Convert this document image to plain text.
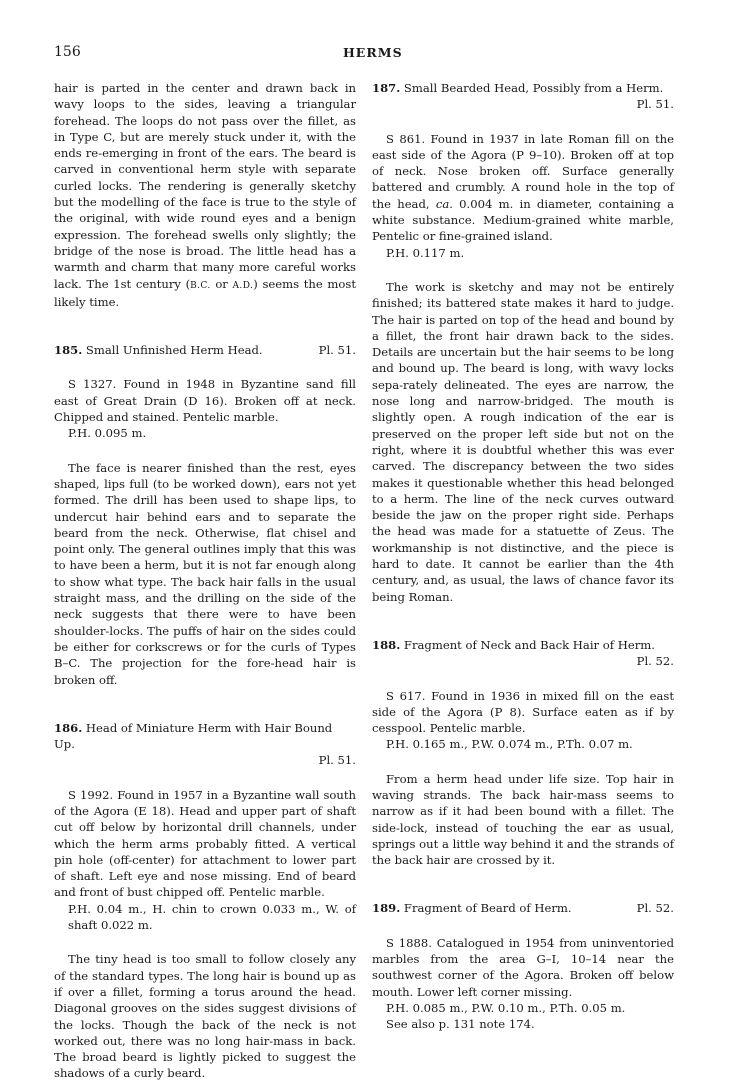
156	HERMS

hair is parted in the center and drawn back in wavy loops to the sides, leaving a triangular forehead. The loops do not pass over the fillet, as in Type C, but are merely stuck under it, with the ends re-emerging in front of the ears. The beard is carved in conventional herm style with separate curled locks. The rendering is generally sketchy but the modelling of the face is true to the style of the original, with wide round eyes and a benign expression. The forehead swells only slightly; the bridge of the nose is broad. The little head has a warmth and charm that many more careful works lack. The 1st century (B.C. or A.D.) seems the most likely time.

Pl. 51.
185. Small Unfinished Herm Head.

S 1327. Found in 1948 in Byzantine sand fill east of Great Drain (D 16). Broken off at neck. Chipped and stained. Pentelic marble.

P.H. 0.095 m.

The face is nearer finished than the rest, eyes shaped, lips full (to be worked down), ears not yet formed. The drill has been used to shape lips, to undercut hair behind ears and to separate the beard from the neck. Otherwise, flat chisel and point only. The general outlines imply that this was to have been a herm, but it is not far enough along to show what type. The back hair falls in the usual straight mass, and the drilling on the side of the neck suggests that there were to have been shoulder-locks. The puffs of hair on the sides could be either for corkscrews or for the curls of Types B–C. The projection for the fore-head hair is broken off.

186. Head of Miniature Herm with Hair Bound Up.
Pl. 51.

S 1992. Found in 1957 in a Byzantine wall south of the Agora (E 18). Head and upper part of shaft cut off below by horizontal drill channels, under which the herm arms probably fitted. A vertical pin hole (off-center) for attachment to lower part of shaft. Left eye and nose missing. End of beard and front of bust chipped off. Pentelic marble.

P.H. 0.04 m., H. chin to crown 0.033 m., W. of shaft 0.022 m.

The tiny head is too small to follow closely any of the standard types. The long hair is bound up as if over a fillet, forming a torus around the head. Diagonal grooves on the sides suggest divisions of the locks. Though the back of the neck is not worked out, there was no long hair-mass in back. The broad beard is lightly picked to suggest the shadows of a curly beard.

187. Small Bearded Head, Possibly from a Herm.
Pl. 51.

S 861. Found in 1937 in late Roman fill on the east side of the Agora (P 9–10). Broken off at top of neck. Nose broken off. Surface generally battered and crumbly. A round hole in the top of the head, ca. 0.004 m. in diameter, containing a white substance. Medium-grained white marble, Pentelic or fine-grained island.

P.H. 0.117 m.

The work is sketchy and may not be entirely finished; its battered state makes it hard to judge. The hair is parted on top of the head and bound by a fillet, the front hair drawn back to the sides. Details are uncertain but the hair seems to be long and bound up. The beard is long, with wavy locks sepa-rately delineated. The eyes are narrow, the nose long and narrow-bridged. The mouth is slightly open. A rough indication of the ear is preserved on the proper left side but not on the right, where it is doubtful whether this was ever carved. The discrepancy between the two sides makes it questionable whether this head belonged to a herm. The line of the neck curves outward beside the jaw on the proper right side. Perhaps the head was made for a statuette of Zeus. The workmanship is not distinctive, and the piece is hard to date. It cannot be earlier than the 4th century, and, as usual, the laws of chance favor its being Roman.

188. Fragment of Neck and Back Hair of Herm.
Pl. 52.

S 617. Found in 1936 in mixed fill on the east side of the Agora (P 8). Surface eaten as if by cesspool. Pentelic marble.

P.H. 0.165 m., P.W. 0.074 m., P.Th. 0.07 m.

From a herm head under life size. Top hair in waving strands. The back hair-mass seems to narrow as if it had been bound with a fillet. The side-lock, instead of touching the ear as usual, springs out a little way behind it and the strands of the back hair are crossed by it.

Pl. 52.
189. Fragment of Beard of Herm.

S 1888. Catalogued in 1954 from uninventoried marbles from the area G–I, 10–14 near the southwest corner of the Agora. Broken off below mouth. Lower left corner missing.

P.H. 0.085 m., P.W. 0.10 m., P.Th. 0.05 m.

See also p. 131 note 174.
